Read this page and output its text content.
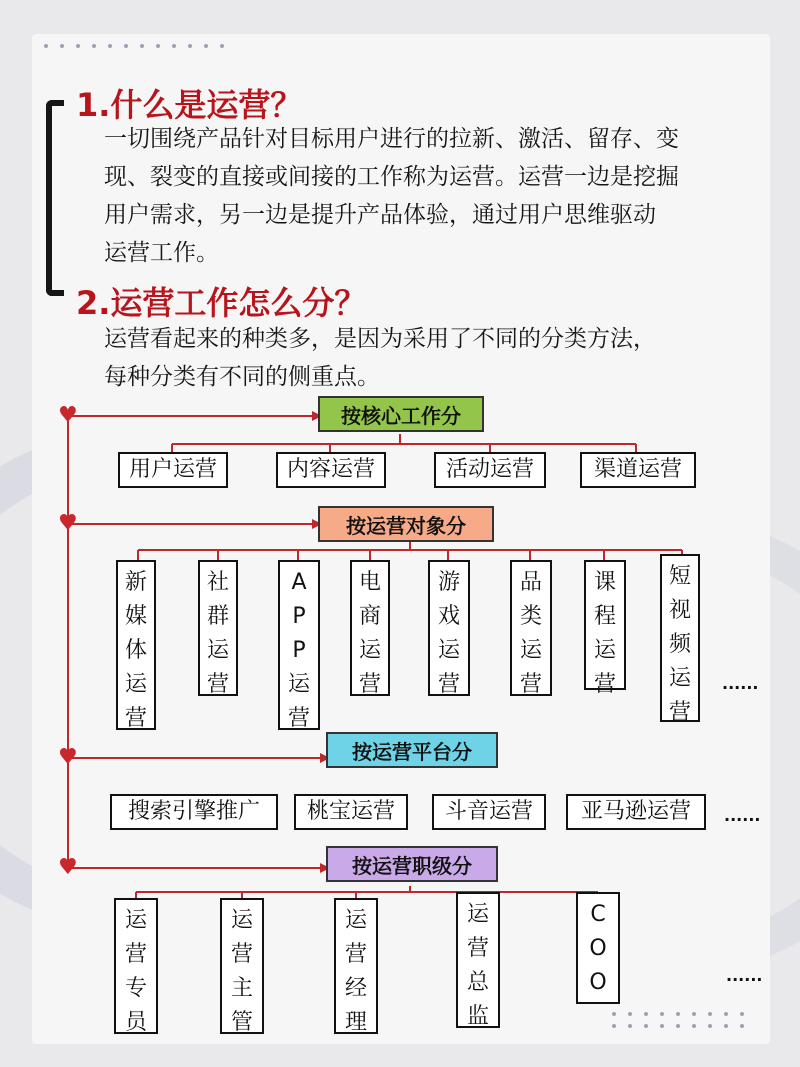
1.什么是运营？
一切围绕产品针对目标用户进行的拉新、激活、留存、变
现、裂变的直接或间接的工作称为运营。运营一边是挖掘
用户需求，另一边是提升产品体验，通过用户思维驱动
运营工作。
2.运营工作怎么分？
运营看起来的种类多，是因为采用了不同的分类方法，
每种分类有不同的侧重点。
♥
♥
♥
♥
按核心工作分
按运营对象分
按运营平台分
按运营职级分
用户运营	内容运营	活动运营	渠道运营
新媒体运营
社群运营
APP运营
电商运营
游戏运营
品类运营
课程运营
短视频运营
......
搜索引擎推广	桃宝运营	斗音运营	亚马逊运营	......
运营专员
运营主管
运营经理
运营总监
COO	......
